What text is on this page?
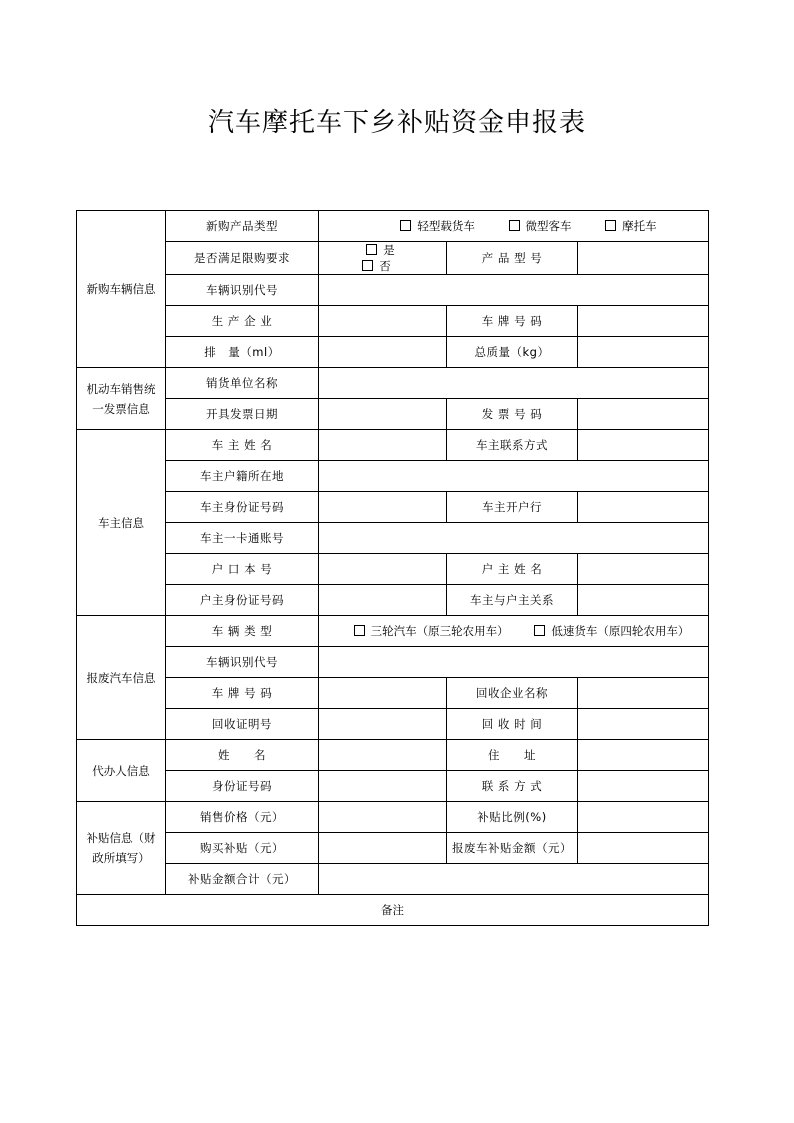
汽车摩托车下乡补贴资金申报表
新购车辆信息	新购产品类型	轻型载货车 微型客车 摩托车		
	是否满足限购要求	是 否	产 品 型 号	
	车辆识别代号			
	生 产 企 业		车 牌 号 码	
	排　量（ml）		总质量（kg）	
机动车销售统一发票信息	销货单位名称			
	开具发票日期		发 票 号 码	
车主信息	车 主 姓 名		车主联系方式	
	车主户籍所在地			
	车主身份证号码		车主开户行	
	车主一卡通账号			
	户 口 本 号		户 主 姓 名	
	户主身份证号码		车主与户主关系	
报废汽车信息	车 辆 类 型	三轮汽车（原三轮农用车） 低速货车（原四轮农用车）		
	车辆识别代号			
	车 牌 号 码		回收企业名称	
	回收证明号		回 收 时 间	
代办人信息	姓　　名		住　　址	
	身份证号码		联 系 方 式	
补贴信息（财政所填写）	销售价格（元）		补贴比例(%)	
	购买补贴（元）		报废车补贴金额（元）	
	补贴金额合计（元）			
备注				
